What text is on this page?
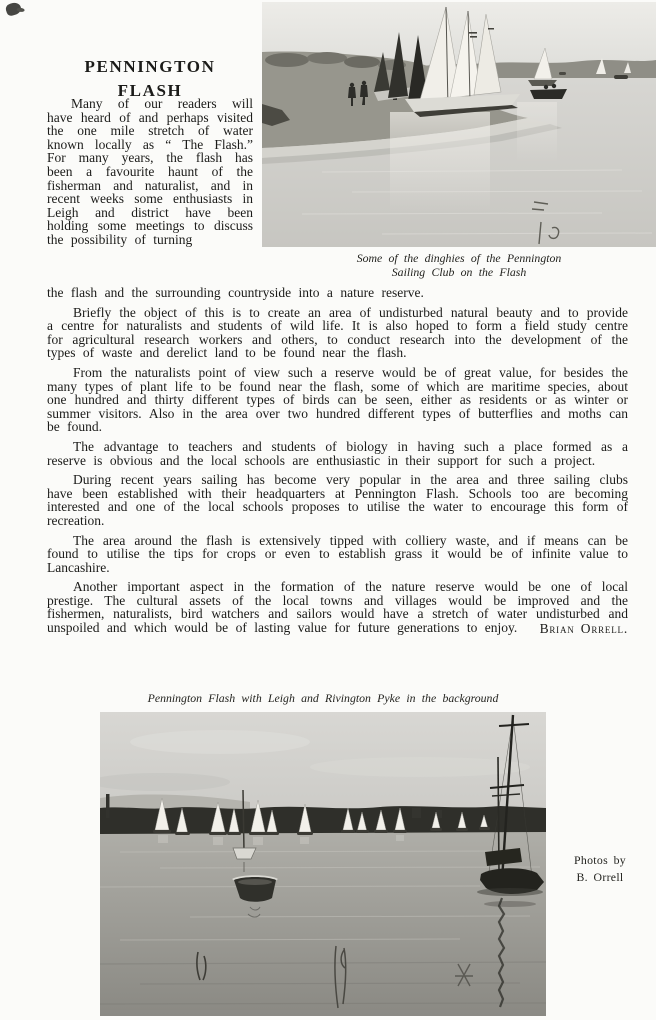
PENNINGTON
FLASH
Many of our readers will have heard of and perhaps visited the one mile stretch of water known locally as “ The Flash.” For many years, the flash has been a favourite haunt of the fisherman and naturalist, and in recent weeks some enthusiasts in Leigh and district have been holding some meetings to discuss the possibility of turning
Some of the dinghies of the Pennington
Sailing Club on the Flash

the flash and the surrounding countryside into a nature reserve.

Briefly the object of this is to create an area of undisturbed natural beauty and to provide a centre for naturalists and students of wild life. It is also hoped to form a field study centre for agricultural research workers and others, to conduct research into the development of the types of waste and derelict land to be found near the flash.

From the naturalists point of view such a reserve would be of great value, for besides the many types of plant life to be found near the flash, some of which are maritime species, about one hundred and thirty different types of birds can be seen, either as residents or as winter or summer visitors. Also in the area over two hundred different types of butterflies and moths can be found.

The advantage to teachers and students of biology in having such a place formed as a reserve is obvious and the local schools are enthusiastic in their support for such a project.

During recent years sailing has become very popular in the area and three sailing clubs have been established with their headquarters at Pennington Flash. Schools too are becoming interested and one of the local schools proposes to utilise the water to encourage this form of recreation.

The area around the flash is extensively tipped with colliery waste, and if means can be found to utilise the tips for crops or even to establish grass it would be of infinite value to Lancashire.

Another important aspect in the formation of the nature reserve would be one of local prestige. The cultural assets of the local towns and villages would be improved and the fishermen, naturalists, bird watchers and sailors would have a stretch of water undisturbed and unspoiled and which would be of lasting value for future generations to enjoy.	Brian Orrell.
Pennington Flash with Leigh and Rivington Pyke in the background
Photos by
B. Orrell
